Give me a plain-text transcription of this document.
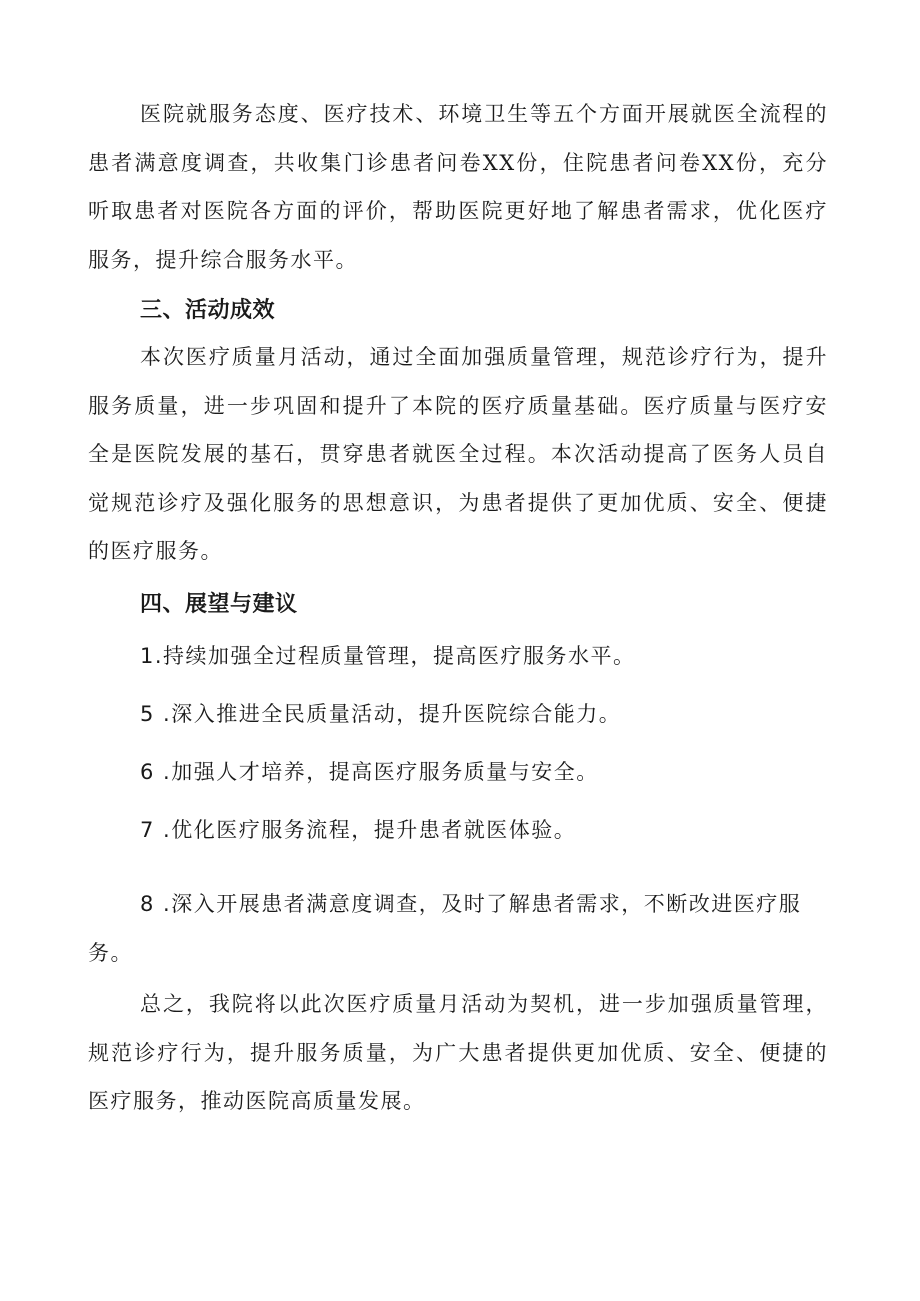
医院就服务态度、医疗技术、环境卫生等五个方面开展就医全流程的患者满意度调查，共收集门诊患者问卷XX份，住院患者问卷XX份，充分听取患者对医院各方面的评价，帮助医院更好地了解患者需求，优化医疗服务，提升综合服务水平。

三、活动成效

本次医疗质量月活动，通过全面加强质量管理，规范诊疗行为，提升服务质量，进一步巩固和提升了本院的医疗质量基础。医疗质量与医疗安全是医院发展的基石，贯穿患者就医全过程。本次活动提高了医务人员自觉规范诊疗及强化服务的思想意识，为患者提供了更加优质、安全、便捷的医疗服务。

四、展望与建议

1.持续加强全过程质量管理，提高医疗服务水平。

5 .深入推进全民质量活动，提升医院综合能力。

6 .加强人才培养，提高医疗服务质量与安全。

7 .优化医疗服务流程，提升患者就医体验。

8 .深入开展患者满意度调查，及时了解患者需求，不断改进医疗服务。

总之，我院将以此次医疗质量月活动为契机，进一步加强质量管理，规范诊疗行为，提升服务质量，为广大患者提供更加优质、安全、便捷的医疗服务，推动医院高质量发展。
